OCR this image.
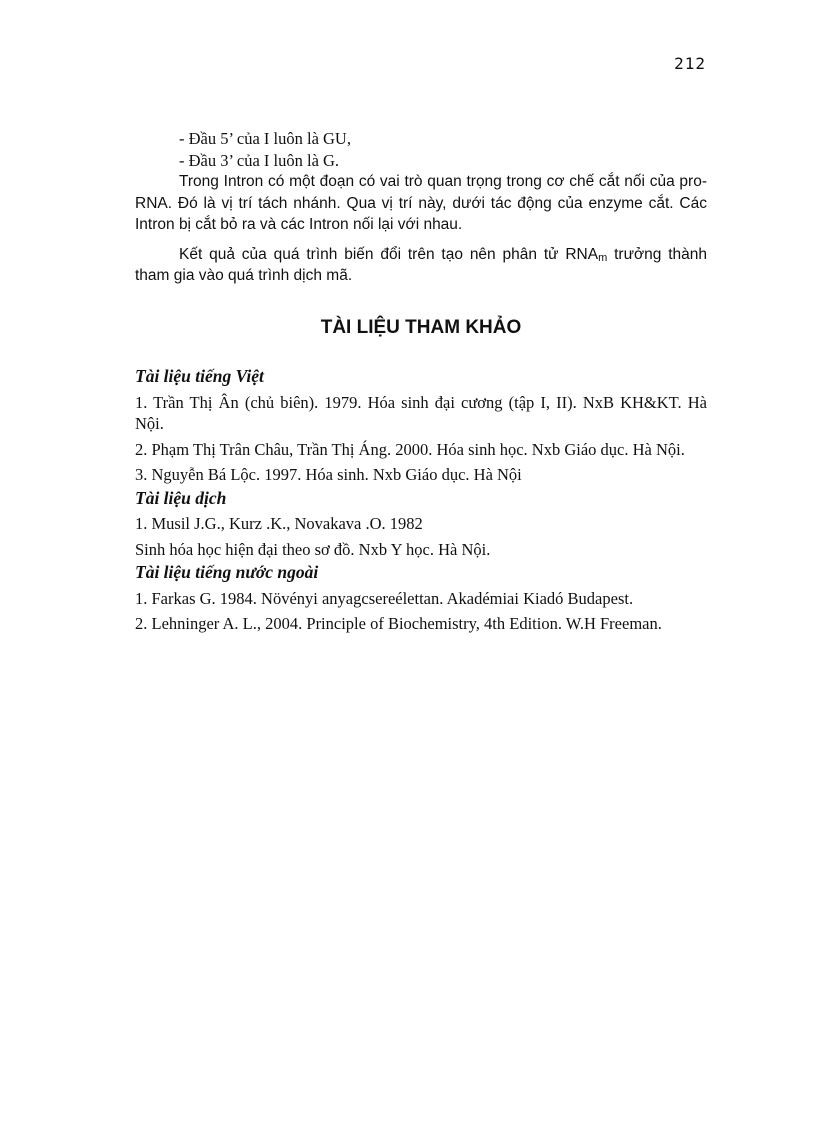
212

- Đầu 5’ của I luôn là GU,

- Đầu 3’ của I luôn là G.

Trong Intron có một đoạn có vai trò quan trọng trong cơ chế cắt nối của pro-RNA. Đó là vị trí tách nhánh. Qua vị trí này, dưới tác động của enzyme cắt. Các Intron bị cắt bỏ ra và các Intron nối lại với nhau.

Kết quả của quá trình biến đổi trên tạo nên phân tử $RNA_m$ trưởng thành tham gia vào quá trình dịch mã.

TÀI LIỆU THAM KHẢO

Tài liệu tiếng Việt

1. Trần Thị Ân (chủ biên). 1979. Hóa sinh đại cương (tập I, II). NxB KH&KT. Hà Nội.

2. Phạm Thị Trân Châu, Trần Thị Áng. 2000. Hóa sinh học. Nxb Giáo dục. Hà Nội.

3. Nguyễn Bá Lộc. 1997. Hóa sinh. Nxb Giáo dục. Hà Nội

Tài liệu dịch

1. Musil J.G., Kurz .K., Novakava .O. 1982

Sinh hóa học hiện đại theo sơ đồ. Nxb Y học. Hà Nội.

Tài liệu tiếng nước ngoài

1. Farkas G. 1984. Növényi anyagcsereélettan. Akadémiai Kiadó Budapest.

2. Lehninger A. L., 2004. Principle of Biochemistry, 4th Edition. W.H Freeman.
